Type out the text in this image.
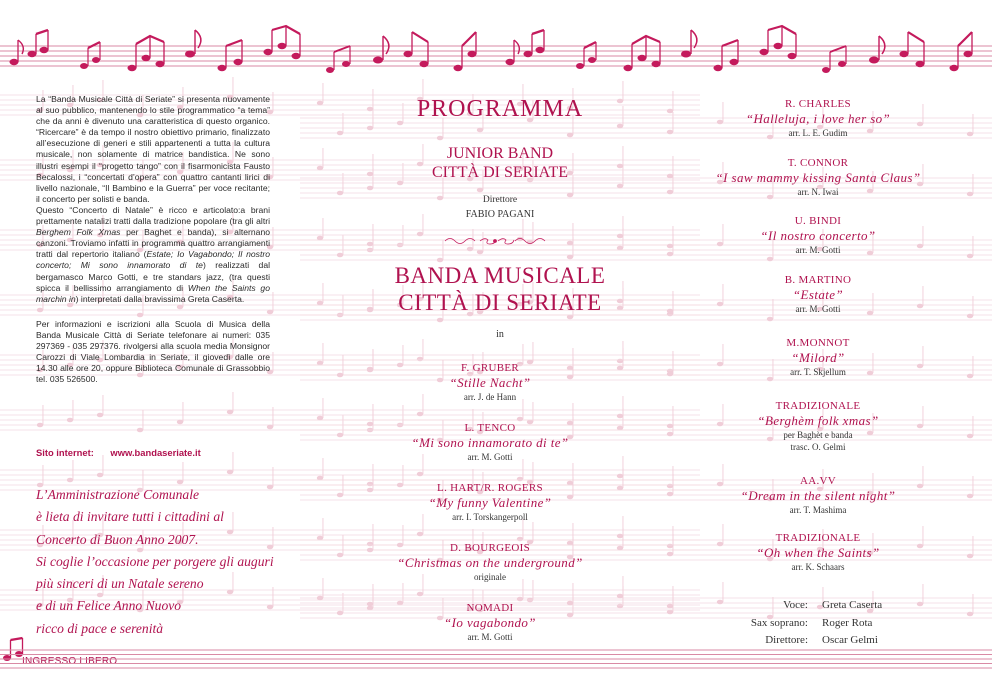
La “Banda Musicale Città di Seriate” si presenta nuovamente al suo pubblico, mantenendo lo stile programmatico “a tema” che da anni è divenuto una caratteristica di questo organico. “Ricercare” è da tempo il nostro obiettivo primario, finalizzato all’esecuzione di generi e stili appartenenti a tutta la cultura musicale, non solamente di matrice bandistica. Ne sono illustri esempi il “progetto tango” con il fisarmonicista Fausto Becalossi, i “concertati d’opera” con quattro cantanti lirici di livello nazionale, “Il Bambino e la Guerra” per voce recitante; il concerto per solisti e banda.

Questo “Concerto di Natale” è ricco e articolato:a brani prettamente natalizi tratti dalla tradizione popolare (tra gli altri Berghem Folk Xmas per Baghet e banda), si alternano canzoni. Troviamo infatti in programma quattro arrangiamenti tratti dal repertorio italiano (Estate; Io Vagabondo; Il nostro concerto; Mi sono innamorato di te) realizzati dal bergamasco Marco Gotti, e tre standars jazz, (tra questi spicca il bellissimo arrangiamento di When the Saints go marchin in) interpretati dalla bravissima Greta Caserta.

Per informazioni e iscrizioni alla Scuola di Musica della Banda Musicale Città di Seriate telefonare ai numeri: 035 297369 - 035 297376. rivolgersi alla scuola media Monsignor Carozzi di Viale Lombardia in Seriate, il giovedì dalle ore 14.30 alle ore 20, oppure Biblioteca Comunale di Grassobbio tel. 035 526500.

Sito internet: www.bandaseriate.it
L’Amministrazione Comunale
è lieta di invitare tutti i cittadini al
Concerto di Buon Anno 2007.
Si coglie l’occasione per porgere gli auguri
più sinceri di un Natale sereno
e di un Felice Anno Nuovo
ricco di pace e serenità
INGRESSO LIBERO
PROGRAMMA
JUNIOR BAND
CITTÀ DI SERIATE
Direttore
FABIO PAGANI
BANDA MUSICALE
CITTÀ DI SERIATE
in
F. GRUBER
“Stille Nacht”
arr. J. de Hann
L. TENCO
“Mi sono innamorato di te”
arr. M. Gotti
L. HART/R. ROGERS
“My funny Valentine”
arr. I. Torskangerpoll
D. BOURGEOIS
“Christmas on the underground”
originale
NOMADI
“Io vagabondo”
arr. M. Gotti
R. CHARLES
“Halleluja, i love her so”
arr. L. E. Gudim
T. CONNOR
“I saw mammy kissing Santa Claus”
arr. N. Iwai
U. BINDI
“Il nostro concerto”
arr. M. Gotti
B. MARTINO
“Estate”
arr. M. Gotti
M.MONNOT
“Milord”
arr. T. Skjellum
TRADIZIONALE
“Berghèm folk xmas”
per Baghèt e banda
trasc. O. Gelmi
AA.VV
“Dream in the silent night”
arr. T. Mashima
TRADIZIONALE
“Oh when the Saints”
arr. K. Schaars
Voce: Greta Caserta
Sax soprano: Roger Rota
Direttore: Oscar Gelmi
